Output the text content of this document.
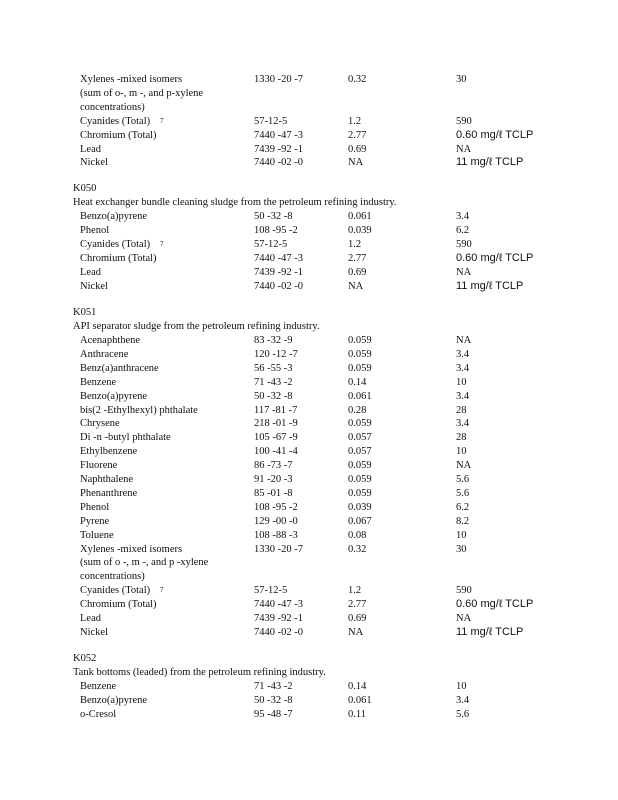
Xylenes -mixed isomers	1330 -20 -7	0.32	30
(sum of o-, m -, and p-xylene
concentrations)
Cyanides (Total) 7	57-12-5	1.2	590
Chromium (Total)	7440 -47 -3	2.77	0.60 mg/ℓ TCLP
Lead	7439 -92 -1	0.69	NA
Nickel	7440 -02 -0	NA	11 mg/ℓ TCLP
K050
Heat exchanger bundle cleaning sludge from the petroleum refining industry.
Benzo(a)pyrene	50 -32 -8	0.061	3.4
Phenol	108 -95 -2	0.039	6.2
Cyanides (Total) 7	57-12-5	1.2	590
Chromium (Total)	7440 -47 -3	2.77	0.60 mg/ℓ TCLP
Lead	7439 -92 -1	0.69	NA
Nickel	7440 -02 -0	NA	11 mg/ℓ TCLP
K051
API separator sludge from the petroleum refining industry.
Acenaphthene	83 -32 -9	0.059	NA
Anthracene	120 -12 -7	0.059	3.4
Benz(a)anthracene	56 -55 -3	0.059	3.4
Benzene	71 -43 -2	0.14	10
Benzo(a)pyrene	50 -32 -8	0.061	3.4
bis(2 -Ethylhexyl) phthalate	117 -81 -7	0.28	28
Chrysene	218 -01 -9	0.059	3.4
Di -n -butyl phthalate	105 -67 -9	0.057	28
Ethylbenzene	100 -41 -4	0.057	10
Fluorene	86 -73 -7	0.059	NA
Naphthalene	91 -20 -3	0.059	5.6
Phenanthrene	85 -01 -8	0.059	5.6
Phenol	108 -95 -2	0.039	6.2
Pyrene	129 -00 -0	0.067	8.2
Toluene	108 -88 -3	0.08	10
Xylenes -mixed isomers	1330 -20 -7	0.32	30
(sum of o -, m -, and p -xylene
concentrations)
Cyanides (Total) 7	57-12-5	1.2	590
Chromium (Total)	7440 -47 -3	2.77	0.60 mg/ℓ TCLP
Lead	7439 -92 -1	0.69	NA
Nickel	7440 -02 -0	NA	11 mg/ℓ TCLP
K052
Tank bottoms (leaded) from the petroleum refining industry.
Benzene	71 -43 -2	0.14	10
Benzo(a)pyrene	50 -32 -8	0.061	3.4
o-Cresol	95 -48 -7	0.11	5.6
